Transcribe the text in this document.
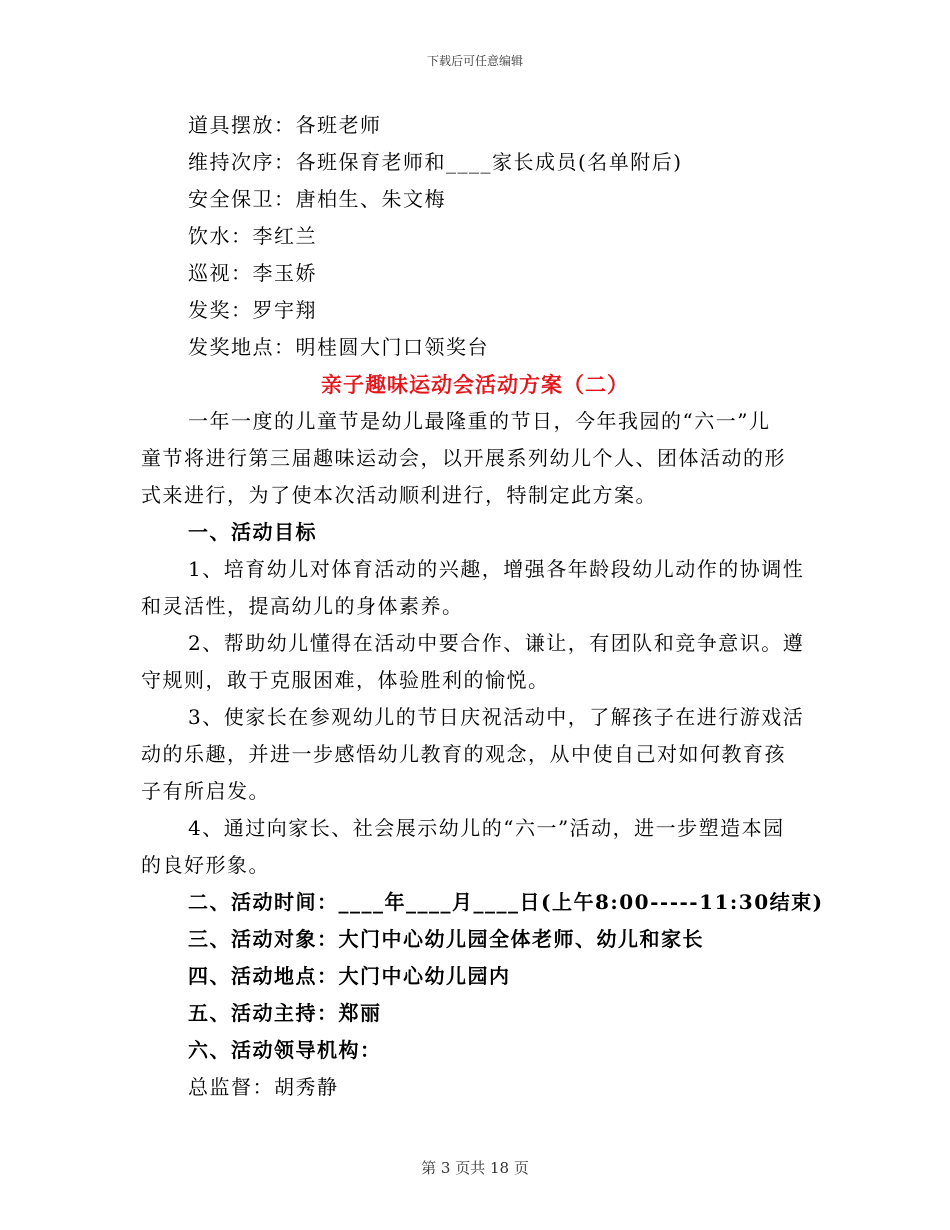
下载后可任意编辑
道具摆放：各班老师
维持次序：各班保育老师和____家长成员(名单附后)
安全保卫：唐柏生、朱文梅
饮水：李红兰
巡视：李玉娇
发奖：罗宇翔
发奖地点：明桂圆大门口领奖台
亲子趣味运动会活动方案（二）
一年一度的儿童节是幼儿最隆重的节日，今年我园的“六一”儿
童节将进行第三届趣味运动会，以开展系列幼儿个人、团体活动的形
式来进行，为了使本次活动顺利进行，特制定此方案。
一、活动目标
1、培育幼儿对体育活动的兴趣，增强各年龄段幼儿动作的协调性
和灵活性，提高幼儿的身体素养。
2、帮助幼儿懂得在活动中要合作、谦让，有团队和竞争意识。遵
守规则，敢于克服困难，体验胜利的愉悦。
3、使家长在参观幼儿的节日庆祝活动中，了解孩子在进行游戏活
动的乐趣，并进一步感悟幼儿教育的观念，从中使自己对如何教育孩
子有所启发。
4、通过向家长、社会展示幼儿的“六一”活动，进一步塑造本园
的良好形象。
二、活动时间：____年____月____日(上午8:00-----11:30结束)
三、活动对象：大门中心幼儿园全体老师、幼儿和家长
四、活动地点：大门中心幼儿园内
五、活动主持：郑丽
六、活动领导机构：
总监督：胡秀静
第 3 页共 18 页
